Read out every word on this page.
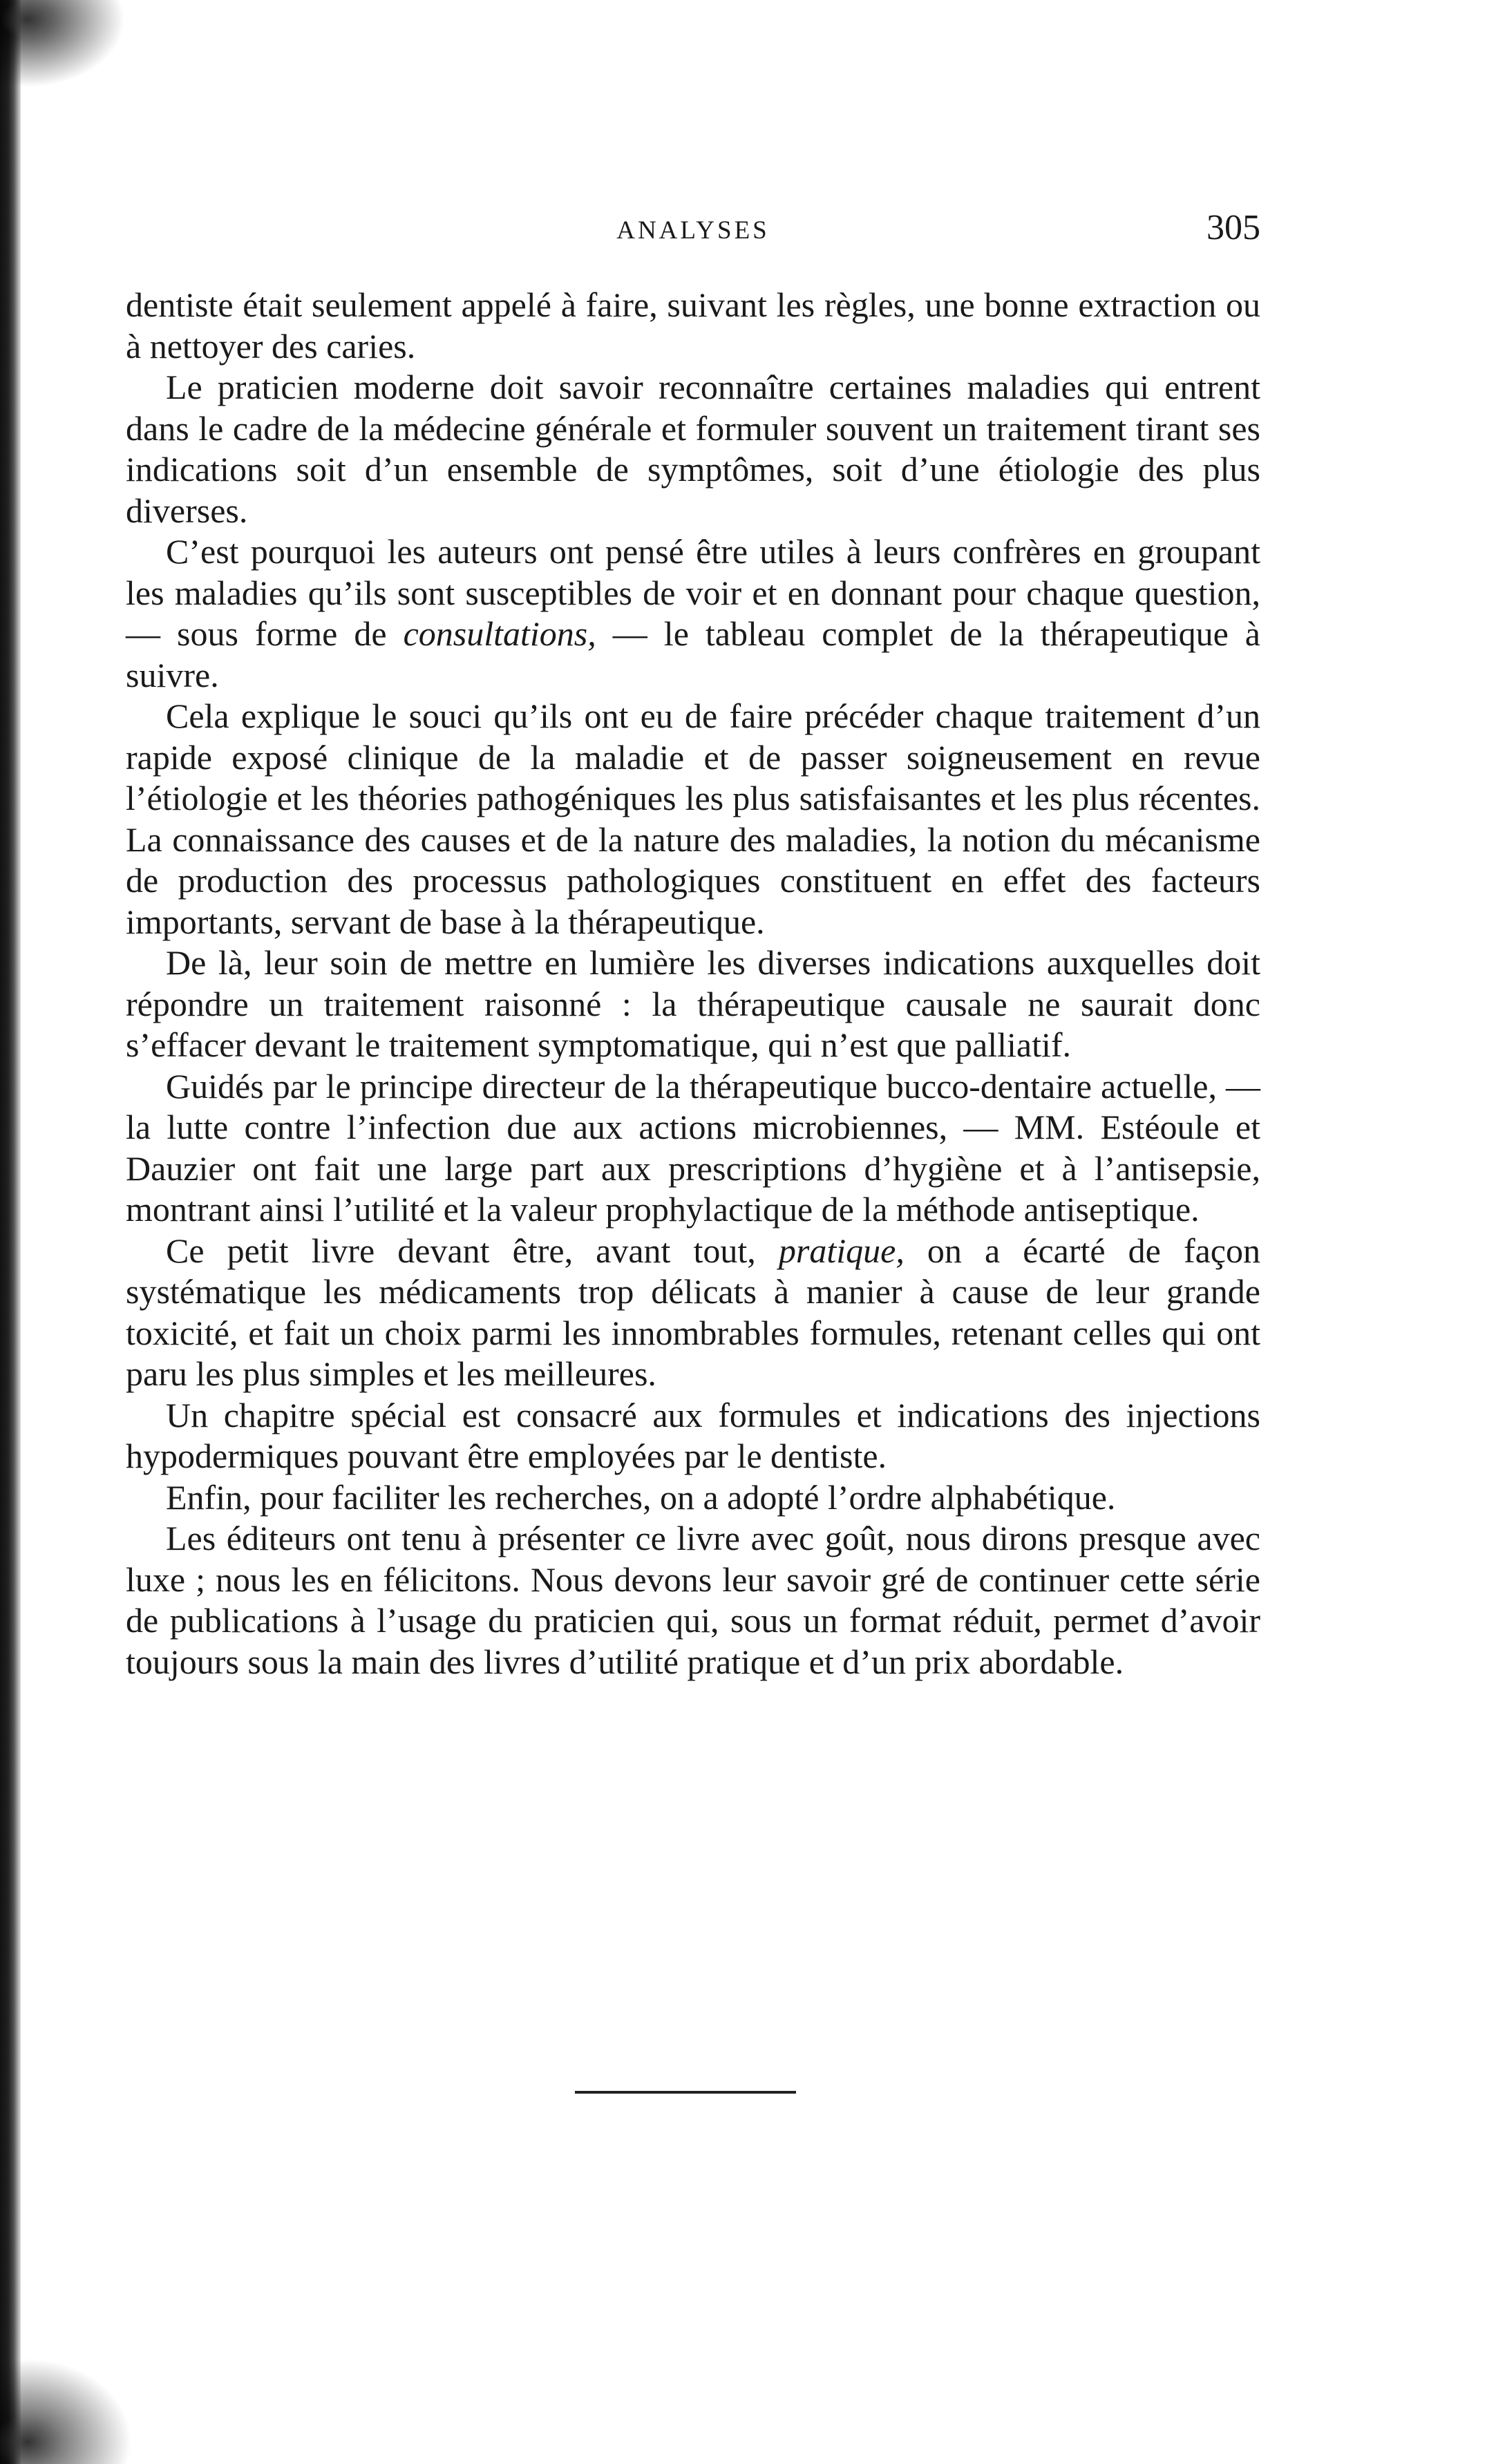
ANALYSES	305

dentiste était seulement appelé à faire, suivant les règles, une bonne extraction ou à nettoyer des caries.

Le praticien moderne doit savoir reconnaître certaines maladies qui entrent dans le cadre de la médecine générale et formuler souvent un traitement tirant ses indications soit d’un ensemble de symptômes, soit d’une étiologie des plus diverses.

C’est pourquoi les auteurs ont pensé être utiles à leurs confrères en groupant les maladies qu’ils sont susceptibles de voir et en donnant pour chaque question, — sous forme de consultations, — le tableau complet de la thérapeutique à suivre.

Cela explique le souci qu’ils ont eu de faire précéder chaque traitement d’un rapide exposé clinique de la maladie et de passer soigneusement en revue l’étiologie et les théories pathogéniques les plus satisfaisantes et les plus récentes. La connaissance des causes et de la nature des maladies, la notion du mécanisme de production des processus pathologiques constituent en effet des facteurs importants, servant de base à la thérapeutique.

De là, leur soin de mettre en lumière les diverses indications auxquelles doit répondre un traitement raisonné : la thérapeutique causale ne saurait donc s’effacer devant le traitement symptomatique, qui n’est que palliatif.

Guidés par le principe directeur de la thérapeutique bucco-dentaire actuelle, — la lutte contre l’infection due aux actions microbiennes, — MM. Estéoule et Dauzier ont fait une large part aux prescriptions d’hygiène et à l’antisepsie, montrant ainsi l’utilité et la valeur prophylactique de la méthode antiseptique.

Ce petit livre devant être, avant tout, pratique, on a écarté de façon systématique les médicaments trop délicats à manier à cause de leur grande toxicité, et fait un choix parmi les innombrables formules, retenant celles qui ont paru les plus simples et les meilleures.

Un chapitre spécial est consacré aux formules et indications des injections hypodermiques pouvant être employées par le dentiste.

Enfin, pour faciliter les recherches, on a adopté l’ordre alphabétique.

Les éditeurs ont tenu à présenter ce livre avec goût, nous dirons presque avec luxe ; nous les en félicitons. Nous devons leur savoir gré de continuer cette série de publications à l’usage du praticien qui, sous un format réduit, permet d’avoir toujours sous la main des livres d’utilité pratique et d’un prix abordable.
